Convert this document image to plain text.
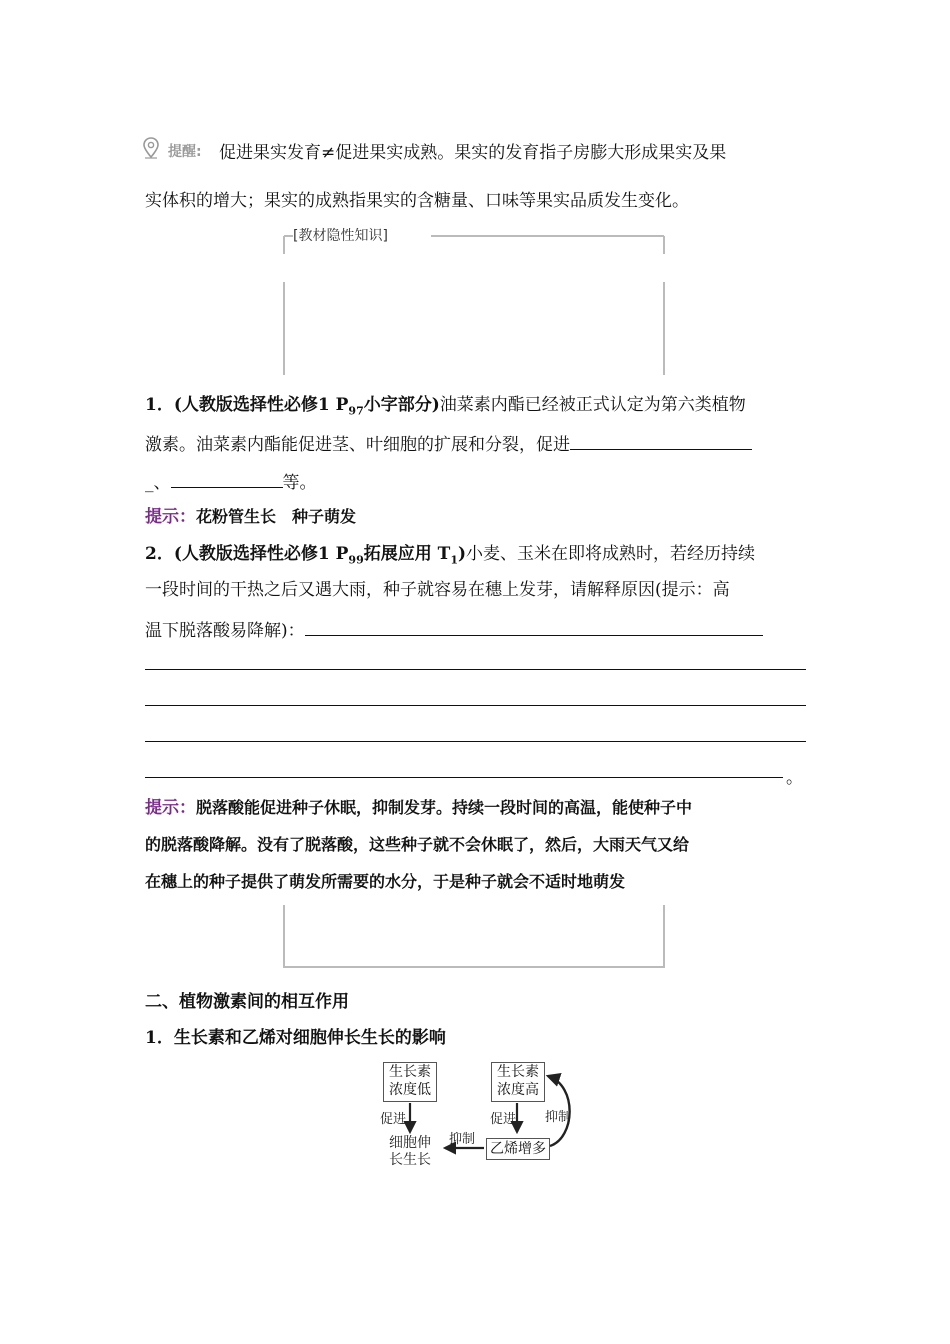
提醒: 促进果实发育≠促进果实成熟。果实的发育指子房膨大形成果实及果
实体积的增大；果实的成熟指果实的含糖量、口味等果实品质发生变化。
[教材隐性知识]
1．(人教版选择性必修1 $P_{97}$小字部分)油菜素内酯已经被正式认定为第六类植物
激素。油菜素内酯能促进茎、叶细胞的扩展和分裂，促进
_、	等。
提示：花粉管生长　种子萌发
2．(人教版选择性必修1 $P_{99}$拓展应用 $T_1$)小麦、玉米在即将成熟时，若经历持续
一段时间的干热之后又遇大雨，种子就容易在穗上发芽，请解释原因(提示：高
温下脱落酸易降解)：
。
提示：脱落酸能促进种子休眠，抑制发芽。持续一段时间的高温，能使种子中
的脱落酸降解。没有了脱落酸，这些种子就不会休眠了，然后，大雨天气又给
在穗上的种子提供了萌发所需要的水分，于是种子就会不适时地萌发
二、植物激素间的相互作用
1．生长素和乙烯对细胞伸长生长的影响
生长素
浓度低
生长素
浓度高
促进	促进 抑制
抑制
细胞伸
长生长
乙烯增多
